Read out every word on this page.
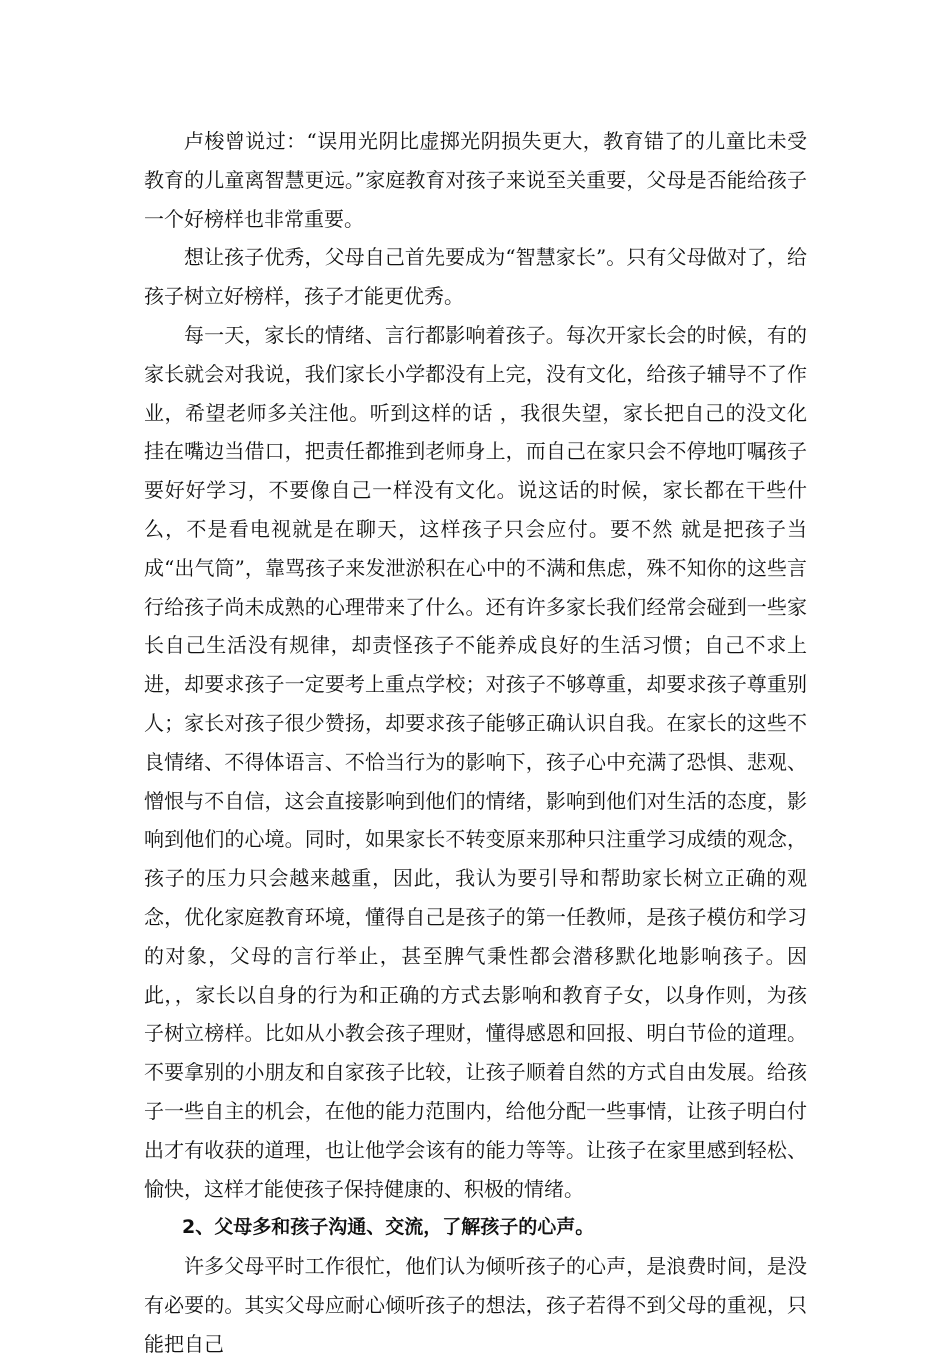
卢梭曾说过：“误用光阴比虚掷光阴损失更大，教育错了的儿童比未受教育的儿童离智慧更远。”家庭教育对孩子来说至关重要，父母是否能给孩子一个好榜样也非常重要。

想让孩子优秀，父母自己首先要成为“智慧家长”。只有父母做对了，给孩子树立好榜样，孩子才能更优秀。

每一天，家长的情绪、言行都影响着孩子。每次开家长会的时候，有的家长就会对我说，我们家长小学都没有上完，没有文化，给孩子辅导不了作业，希望老师多关注他。听到这样的话 ，我很失望，家长把自己的没文化挂在嘴边当借口，把责任都推到老师身上，而自己在家只会不停地叮嘱孩子要好好学习，不要像自己一样没有文化。说这话的时候，家长都在干些什么，不是看电视就是在聊天，这样孩子只会应付。要不然 就是把孩子当成“出气筒”，靠骂孩子来发泄淤积在心中的不满和焦虑，殊不知你的这些言行给孩子尚未成熟的心理带来了什么。还有许多家长我们经常会碰到一些家长自己生活没有规律，却责怪孩子不能养成良好的生活习惯；自己不求上进，却要求孩子一定要考上重点学校；对孩子不够尊重，却要求孩子尊重别人；家长对孩子很少赞扬，却要求孩子能够正确认识自我。在家长的这些不良情绪、不得体语言、不恰当行为的影响下，孩子心中充满了恐惧、悲观、憎恨与不自信，这会直接影响到他们的情绪，影响到他们对生活的态度，影响到他们的心境。同时，如果家长不转变原来那种只注重学习成绩的观念，孩子的压力只会越来越重，因此，我认为要引导和帮助家长树立正确的观念，优化家庭教育环境，懂得自己是孩子的第一任教师，是孩子模仿和学习的对象，父母的言行举止，甚至脾气秉性都会潜移默化地影响孩子。因此，，家长以自身的行为和正确的方式去影响和教育子女，以身作则，为孩子树立榜样。比如从小教会孩子理财，懂得感恩和回报、明白节俭的道理。不要拿别的小朋友和自家孩子比较，让孩子顺着自然的方式自由发展。给孩子一些自主的机会，在他的能力范围内，给他分配一些事情，让孩子明白付出才有收获的道理，也让他学会该有的能力等等。让孩子在家里感到轻松、愉快，这样才能使孩子保持健康的、积极的情绪。

2、父母多和孩子沟通、交流，了解孩子的心声。

许多父母平时工作很忙，他们认为倾听孩子的心声，是浪费时间，是没有必要的。其实父母应耐心倾听孩子的想法，孩子若得不到父母的重视，只能把自己
